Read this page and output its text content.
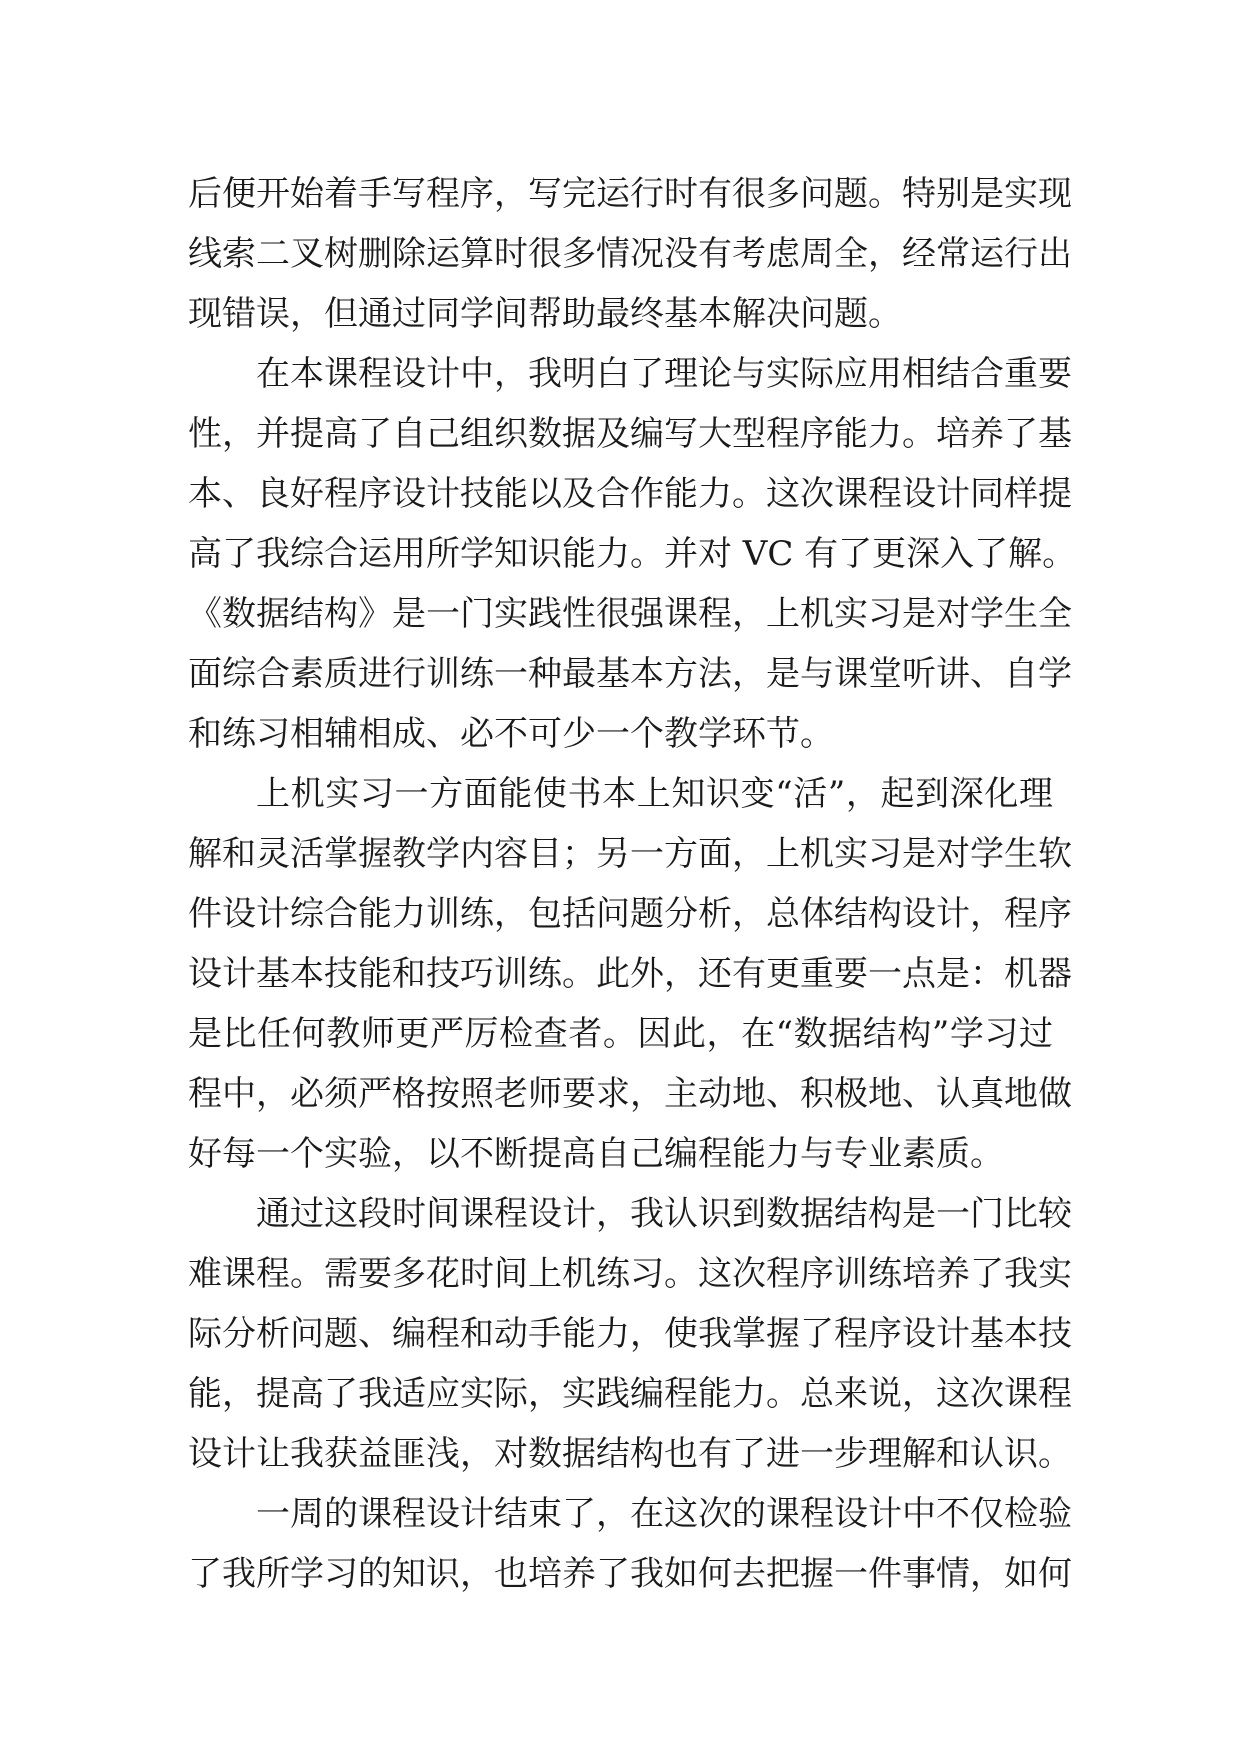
后便开始着手写程序，写完运行时有很多问题。特别是实现
线索二叉树删除运算时很多情况没有考虑周全，经常运行出
现错误，但通过同学间帮助最终基本解决问题。

在本课程设计中，我明白了理论与实际应用相结合重要
性，并提高了自己组织数据及编写大型程序能力。培养了基
本、良好程序设计技能以及合作能力。这次课程设计同样提
高了我综合运用所学知识能力。并对 VC 有了更深入了解。
《数据结构》是一门实践性很强课程，上机实习是对学生全
面综合素质进行训练一种最基本方法，是与课堂听讲、自学
和练习相辅相成、必不可少一个教学环节。

上机实习一方面能使书本上知识变“活”，起到深化理
解和灵活掌握教学内容目；另一方面，上机实习是对学生软
件设计综合能力训练，包括问题分析，总体结构设计，程序
设计基本技能和技巧训练。此外，还有更重要一点是：机器
是比任何教师更严厉检查者。因此，在“数据结构”学习过
程中，必须严格按照老师要求，主动地、积极地、认真地做
好每一个实验，以不断提高自己编程能力与专业素质。

通过这段时间课程设计，我认识到数据结构是一门比较
难课程。需要多花时间上机练习。这次程序训练培养了我实
际分析问题、编程和动手能力，使我掌握了程序设计基本技
能，提高了我适应实际，实践编程能力。总来说，这次课程
设计让我获益匪浅，对数据结构也有了进一步理解和认识。

一周的课程设计结束了，在这次的课程设计中不仅检验
了我所学习的知识，也培养了我如何去把握一件事情，如何
